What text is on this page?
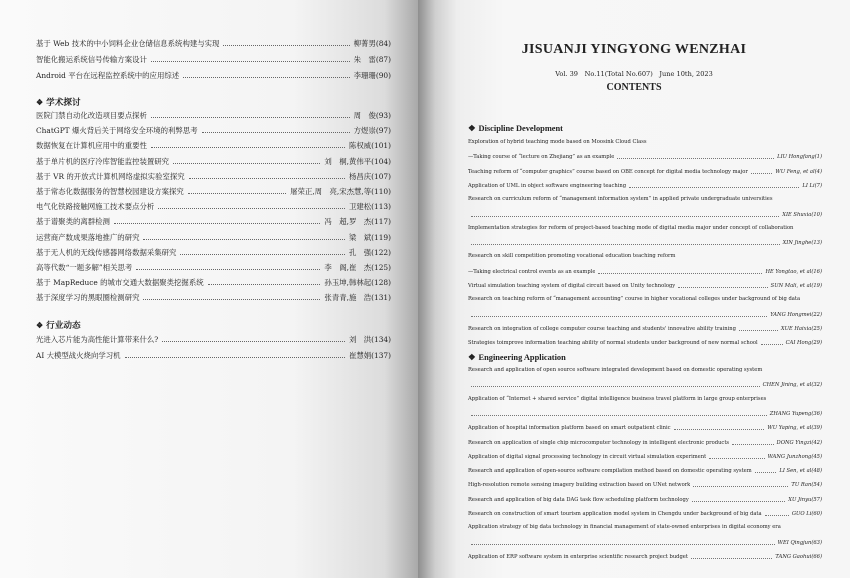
基于 Web 技术的中小饲料企业仓储信息系统构建与实现	柳菁男(84)
智能化搬运系统信号传输方案设计	朱　雷(87)
Android 平台在远程监控系统中的应用综述	李珊珊(90)
❖ 学术探讨
医院门禁自动化改造项目要点探析	周　俊(93)
ChatGPT 爆火背后关于网络安全环境的利弊思考	方煜崇(97)
数据恢复在计算机应用中的重要性	陈权威(101)
基于单片机的医疗冷库智能监控装置研究	刘　桐,黄伟平(104)
基于 VR 的开放式计算机网络虚拟实验室探究	杨昌庆(107)
基于常态化数据服务的智慧校园建设方案探究	屠荣正,周　亮,宋杰慧,等(110)
电气化铁路接触网施工技术要点分析	卫建松(113)
基于谱聚类的离群检测	冯　超,罗　杰(117)
运营商产数成果落地推广的研究	梁　斌(119)
基于无人机的无线传感器网络数据采集研究	孔　强(122)
高等代数“一题多解”相关思考	李　阁,崔　杰(125)
基于 MapReduce 的城市交通大数据聚类挖掘系统	孙玉坤,韩林起(128)
基于深度学习的黑眼圈检测研究	张青青,施　浩(131)
❖ 行业动态
光进入芯片能为高性能计算带来什么?	刘　洪(134)
AI 大模型战火烧向学习机	崔慧娟(137)
JISUANJI YINGYONG WENZHAI
Vol. 39　No.11(Total No.607)　June 10th, 2023
CONTENTS
❖ Discipline Development
Exploration of hybrid teaching mode based on Moosink Cloud Class
—Taking course of “lecture on Zhejiang” as an example	LIU Hongfang(1)
Teaching reform of “computer graphics” course based on OBE concept for digital media technology major	WU Feng, et al(4)
Application of UML in object software engineering teaching	LI Li(7)
Research on curriculum reform of “management information system” in applied private undergraduate universities
XIE Shuxia(10)
Implementation strategies for reform of project-based teaching mode of digital media major under concept of collaboration
XIN Jinghe(13)
Research on skill competition promoting vocational education teaching reform
—Taking electrical control events as an example	HE Yongtao, et al(16)
Virtual simulation teaching system of digital circuit based on Unity technology	SUN Mali, et al(19)
Research on teaching reform of “management accounting” course in higher vocational colleges under background of big data
YANG Hongmei(22)
Research on integration of college computer course teaching and students' innovative ability training	XUE Haixia(25)
Strategies toimprove information teaching ability of normal students under background of new normal school	CAI Hong(29)
❖ Engineering Application
Research and application of open source software integrated development based on domestic operating system
CHEN Jining, et al(32)
Application of “Internet + shared service” digital intelligence business travel platform in large group enterprises
ZHANG Yupeng(36)
Application of hospital information platform based on smart outpatient clinic	WU Yaping, et al(39)
Research on application of single chip microcomputer technology in intelligent electronic products	DONG Yingzi(42)
Application of digital signal processing technology in circuit virtual simulation experiment	WANG Junzhong(45)
Research and application of open-source software compilation method based on domestic operating system	LI Sen, et al(48)
High-resolution remote sensing imagery building extraction based on UNet network	TU Ran(54)
Research and application of big data DAG task flow scheduling platform technology	XU Jinyu(57)
Research on construction of smart tourism application model system in Chengdu under background of big data	GUO Li(60)
Application strategy of big data technology in financial management of state-owned enterprises in digital economy era
WEI Qingjun(63)
Application of ERP software system in enterprise scientific research project budget	TANG Gaohui(66)
